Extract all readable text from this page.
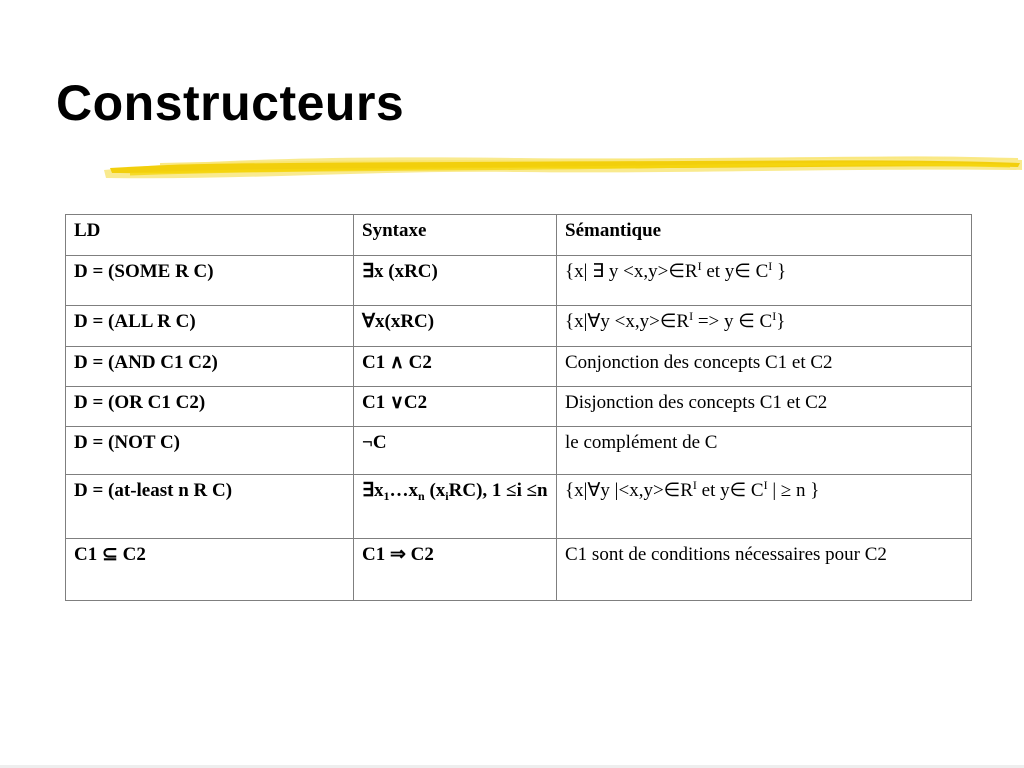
Constructeurs
LD	Syntaxe	Sémantique
D = (SOME R C)	∃x (xRC)	{x| ∃ $y <x,y>\in R^I$ et y∈ $C^I$ }
D = (ALL R C)	∀x(xRC)	{x|∀y $<x,y>\in R^I => y$ ∈ $C^I$}
D = (AND C1 C2)	C1 ∧ C2	Conjonction des concepts C1 et C2
D = (OR C1 C2)	C1 ∨C2	Disjonction des concepts C1 et C2
D = (NOT C)	¬C	le complément de C
D = (at-least n R C)	$\exists x_1\dots x_n$ $(x_iRC)$, 1 ≤i ≤n	{x|∀y $|<x,y>\in R^I$ et y∈ $C^I$ | ≥ n }
C1 ⊆ C2	C1 ⇒ C2	C1 sont de conditions nécessaires pour C2
